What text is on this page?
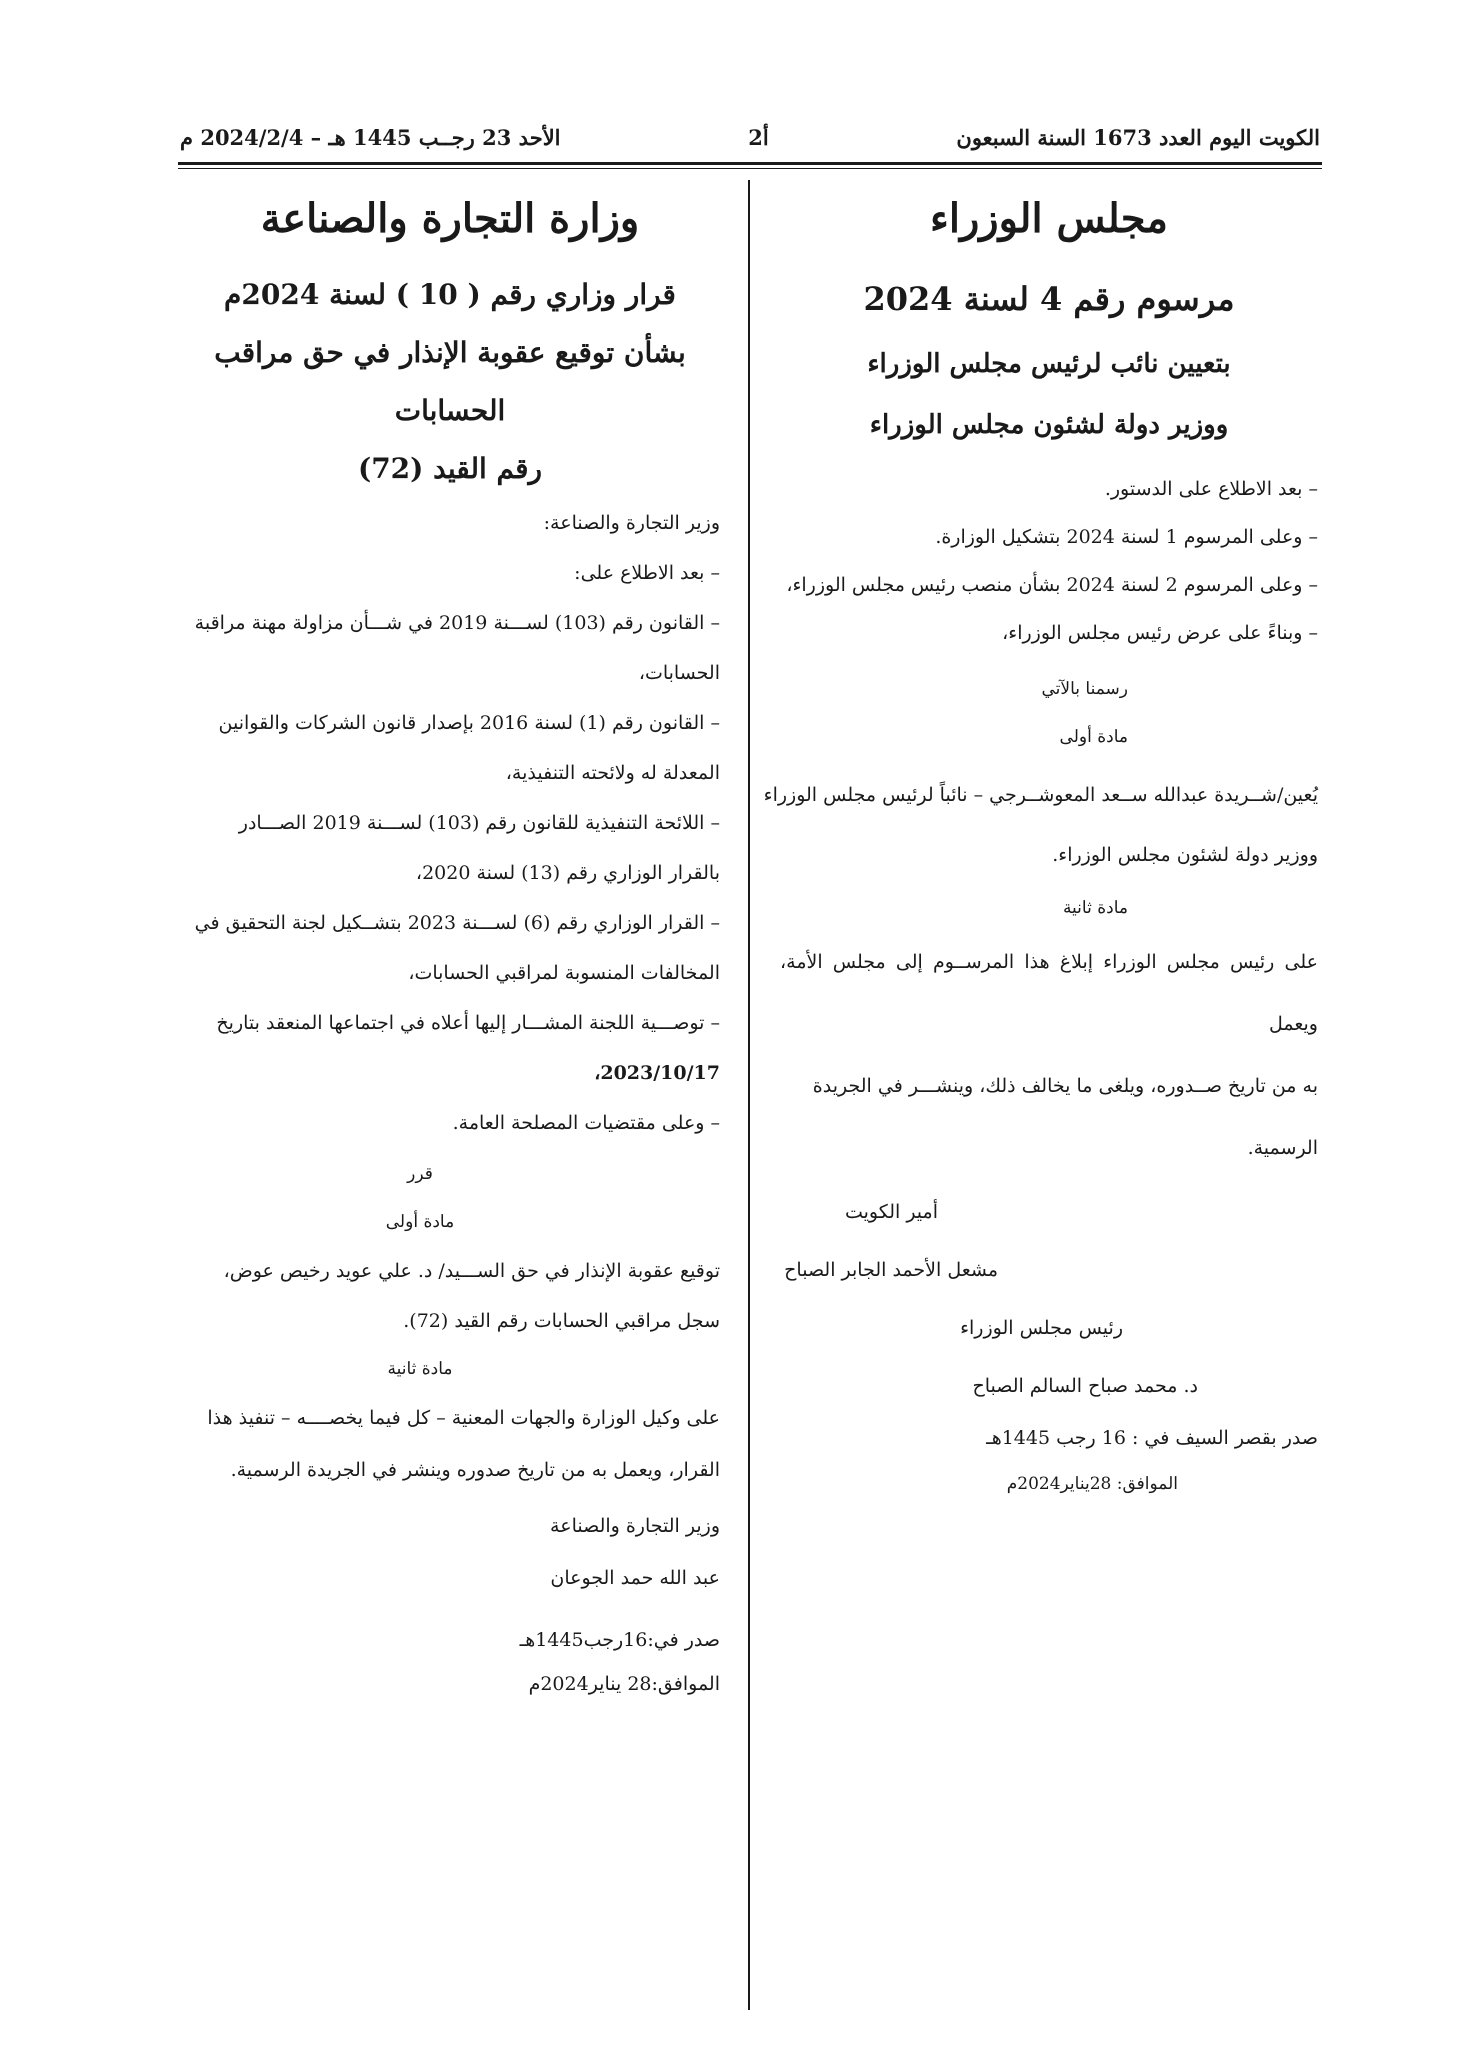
الأحد 23 رجــب 1445 هـ – 2024/2/4 م	أ2	الكويت اليوم العدد 1673 السنة السبعون
مجلس الوزراء
مرسوم رقم 4 لسنة 2024
بتعيين نائب لرئيس مجلس الوزراء
ووزير دولة لشئون مجلس الوزراء

– بعد الاطلاع على الدستور.

– وعلى المرسوم 1 لسنة 2024 بتشكيل الوزارة.

– وعلى المرسوم 2 لسنة 2024 بشأن منصب رئيس مجلس الوزراء،

– وبناءً على عرض رئيس مجلس الوزراء،

رسمنا بالآتي

مادة أولى

يُعين/شــريدة عبدالله ســعد المعوشــرجي – نائباً لرئيس مجلس الوزراء

ووزير دولة لشئون مجلس الوزراء.

مادة ثانية

على رئيس مجلس الوزراء إبلاغ هذا المرســوم إلى مجلس الأمة، ويعمل

به من تاريخ صــدوره، ويلغى ما يخالف ذلك، وينشـــر في الجريدة

الرسمية.

أمير الكويت

مشعل الأحمد الجابر الصباح

رئيس مجلس الوزراء

د. محمد صباح السالم الصباح

صدر بقصر السيف في : 16 رجب 1445هـ

الموافق: 28يناير2024م

وزارة التجارة والصناعة
قرار وزاري رقم ( 10 ) لسنة 2024م
بشأن توقيع عقوبة الإنذار في حق مراقب الحسابات
رقم القيد (72)

وزير التجارة والصناعة:

– بعد الاطلاع على:

– القانون رقم (103) لســـنة 2019 في شـــأن مزاولة مهنة مراقبة

الحسابات،

– القانون رقم (1) لسنة 2016 بإصدار قانون الشركات والقوانين

المعدلة له ولائحته التنفيذية،

– اللائحة التنفيذية للقانون رقم (103) لســـنة 2019 الصـــادر

بالقرار الوزاري رقم (13) لسنة 2020،

– القرار الوزاري رقم (6) لســـنة 2023 بتشــكيل لجنة التحقيق في

المخالفات المنسوبة لمراقبي الحسابات،

– توصـــية اللجنة المشـــار إليها أعلاه في اجتماعها المنعقد بتاريخ

2023/10/17،

– وعلى مقتضيات المصلحة العامة.

قرر

مادة أولى

توقيع عقوبة الإنذار في حق الســـيد/ د. علي عويد رخيص عوض،

سجل مراقبي الحسابات رقم القيد (72).

مادة ثانية

على وكيل الوزارة والجهات المعنية – كل فيما يخصــــه – تنفيذ هذا

القرار، ويعمل به من تاريخ صدوره وينشر في الجريدة الرسمية.

وزير التجارة والصناعة

عبد الله حمد الجوعان

صدر في:16رجب1445هـ

الموافق:28 يناير2024م
